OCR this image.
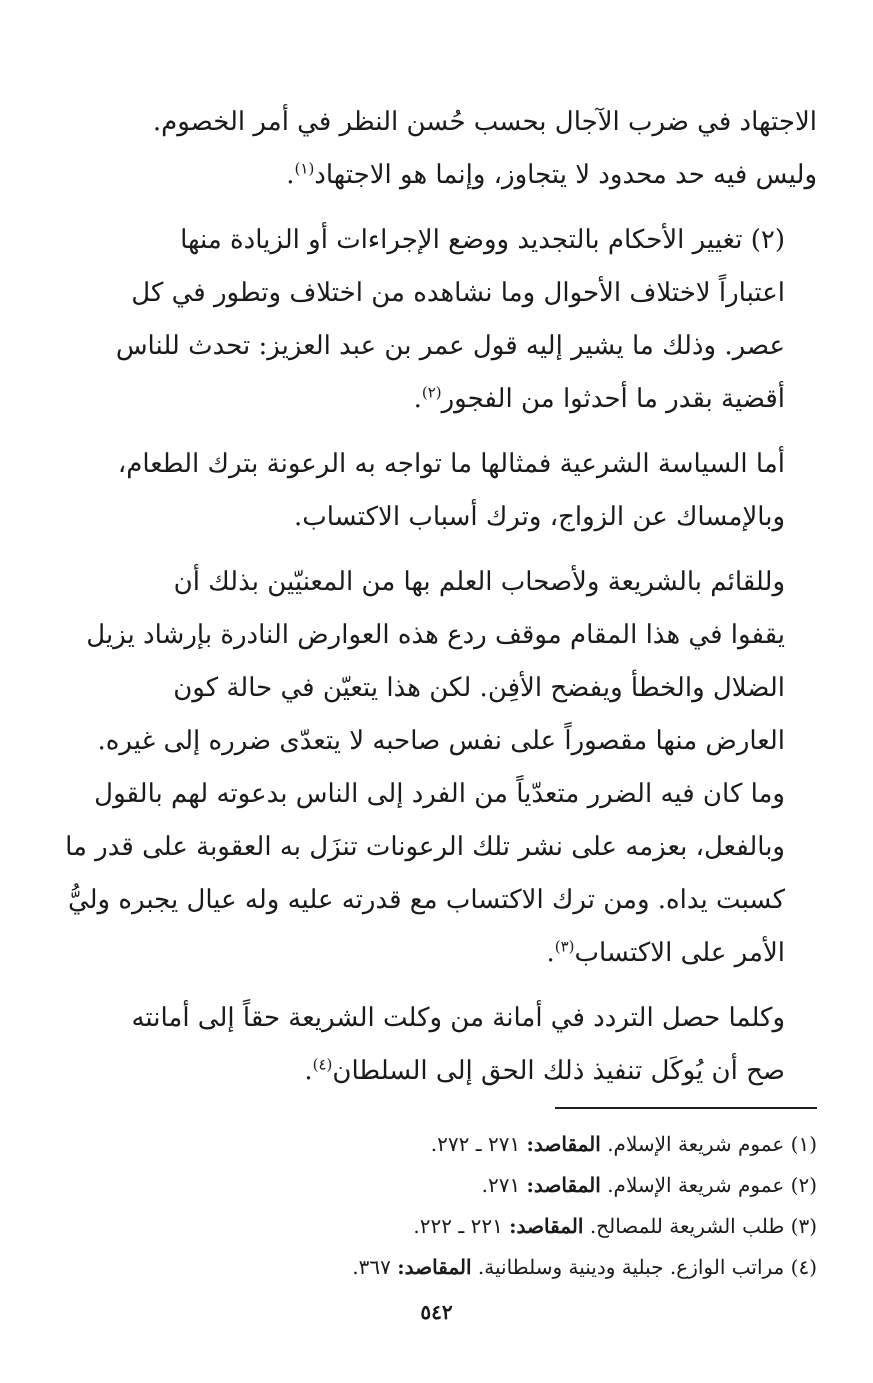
الاجتهاد في ضرب الآجال بحسب حُسن النظر في أمر الخصوم.
وليس فيه حد محدود لا يتجاوز، وإنما هو الاجتهاد$^{(١)}$.

(٢) تغيير الأحكام بالتجديد ووضع الإجراءات أو الزيادة منها
اعتباراً لاختلاف الأحوال وما نشاهده من اختلاف وتطور في كل
عصر. وذلك ما يشير إليه قول عمر بن عبد العزيز: تحدث للناس
أقضية بقدر ما أحدثوا من الفجور$^{(٢)}$.

أما السياسة الشرعية فمثالها ما تواجه به الرعونة بترك الطعام،
وبالإمساك عن الزواج، وترك أسباب الاكتساب.

وللقائم بالشريعة ولأصحاب العلم بها من المعنيّين بذلك أن
يقفوا في هذا المقام موقف ردع هذه العوارض النادرة بإرشاد يزيل
الضلال والخطأ ويفضح الأفِن. لكن هذا يتعيّن في حالة كون
العارض منها مقصوراً على نفس صاحبه لا يتعدّى ضرره إلى غيره.
وما كان فيه الضرر متعدّياً من الفرد إلى الناس بدعوته لهم بالقول
وبالفعل، بعزمه على نشر تلك الرعونات تنزَل به العقوبة على قدر ما
كسبت يداه. ومن ترك الاكتساب مع قدرته عليه وله عيال يجبره وليُّ
الأمر على الاكتساب$^{(٣)}$.

وكلما حصل التردد في أمانة من وكلت الشريعة حقاً إلى أمانته
صح أن يُوكَل تنفيذ ذلك الحق إلى السلطان$^{(٤)}$.

(١) عموم شريعة الإسلام. المقاصد: ٢٧١ ـ ٢٧٢.
(٢) عموم شريعة الإسلام. المقاصد: ٢٧١.
(٣) طلب الشريعة للمصالح. المقاصد: ٢٢١ ـ ٢٢٢.
(٤) مراتب الوازع. جبلية ودينية وسلطانية. المقاصد: ٣٦٧.
٥٤٢
